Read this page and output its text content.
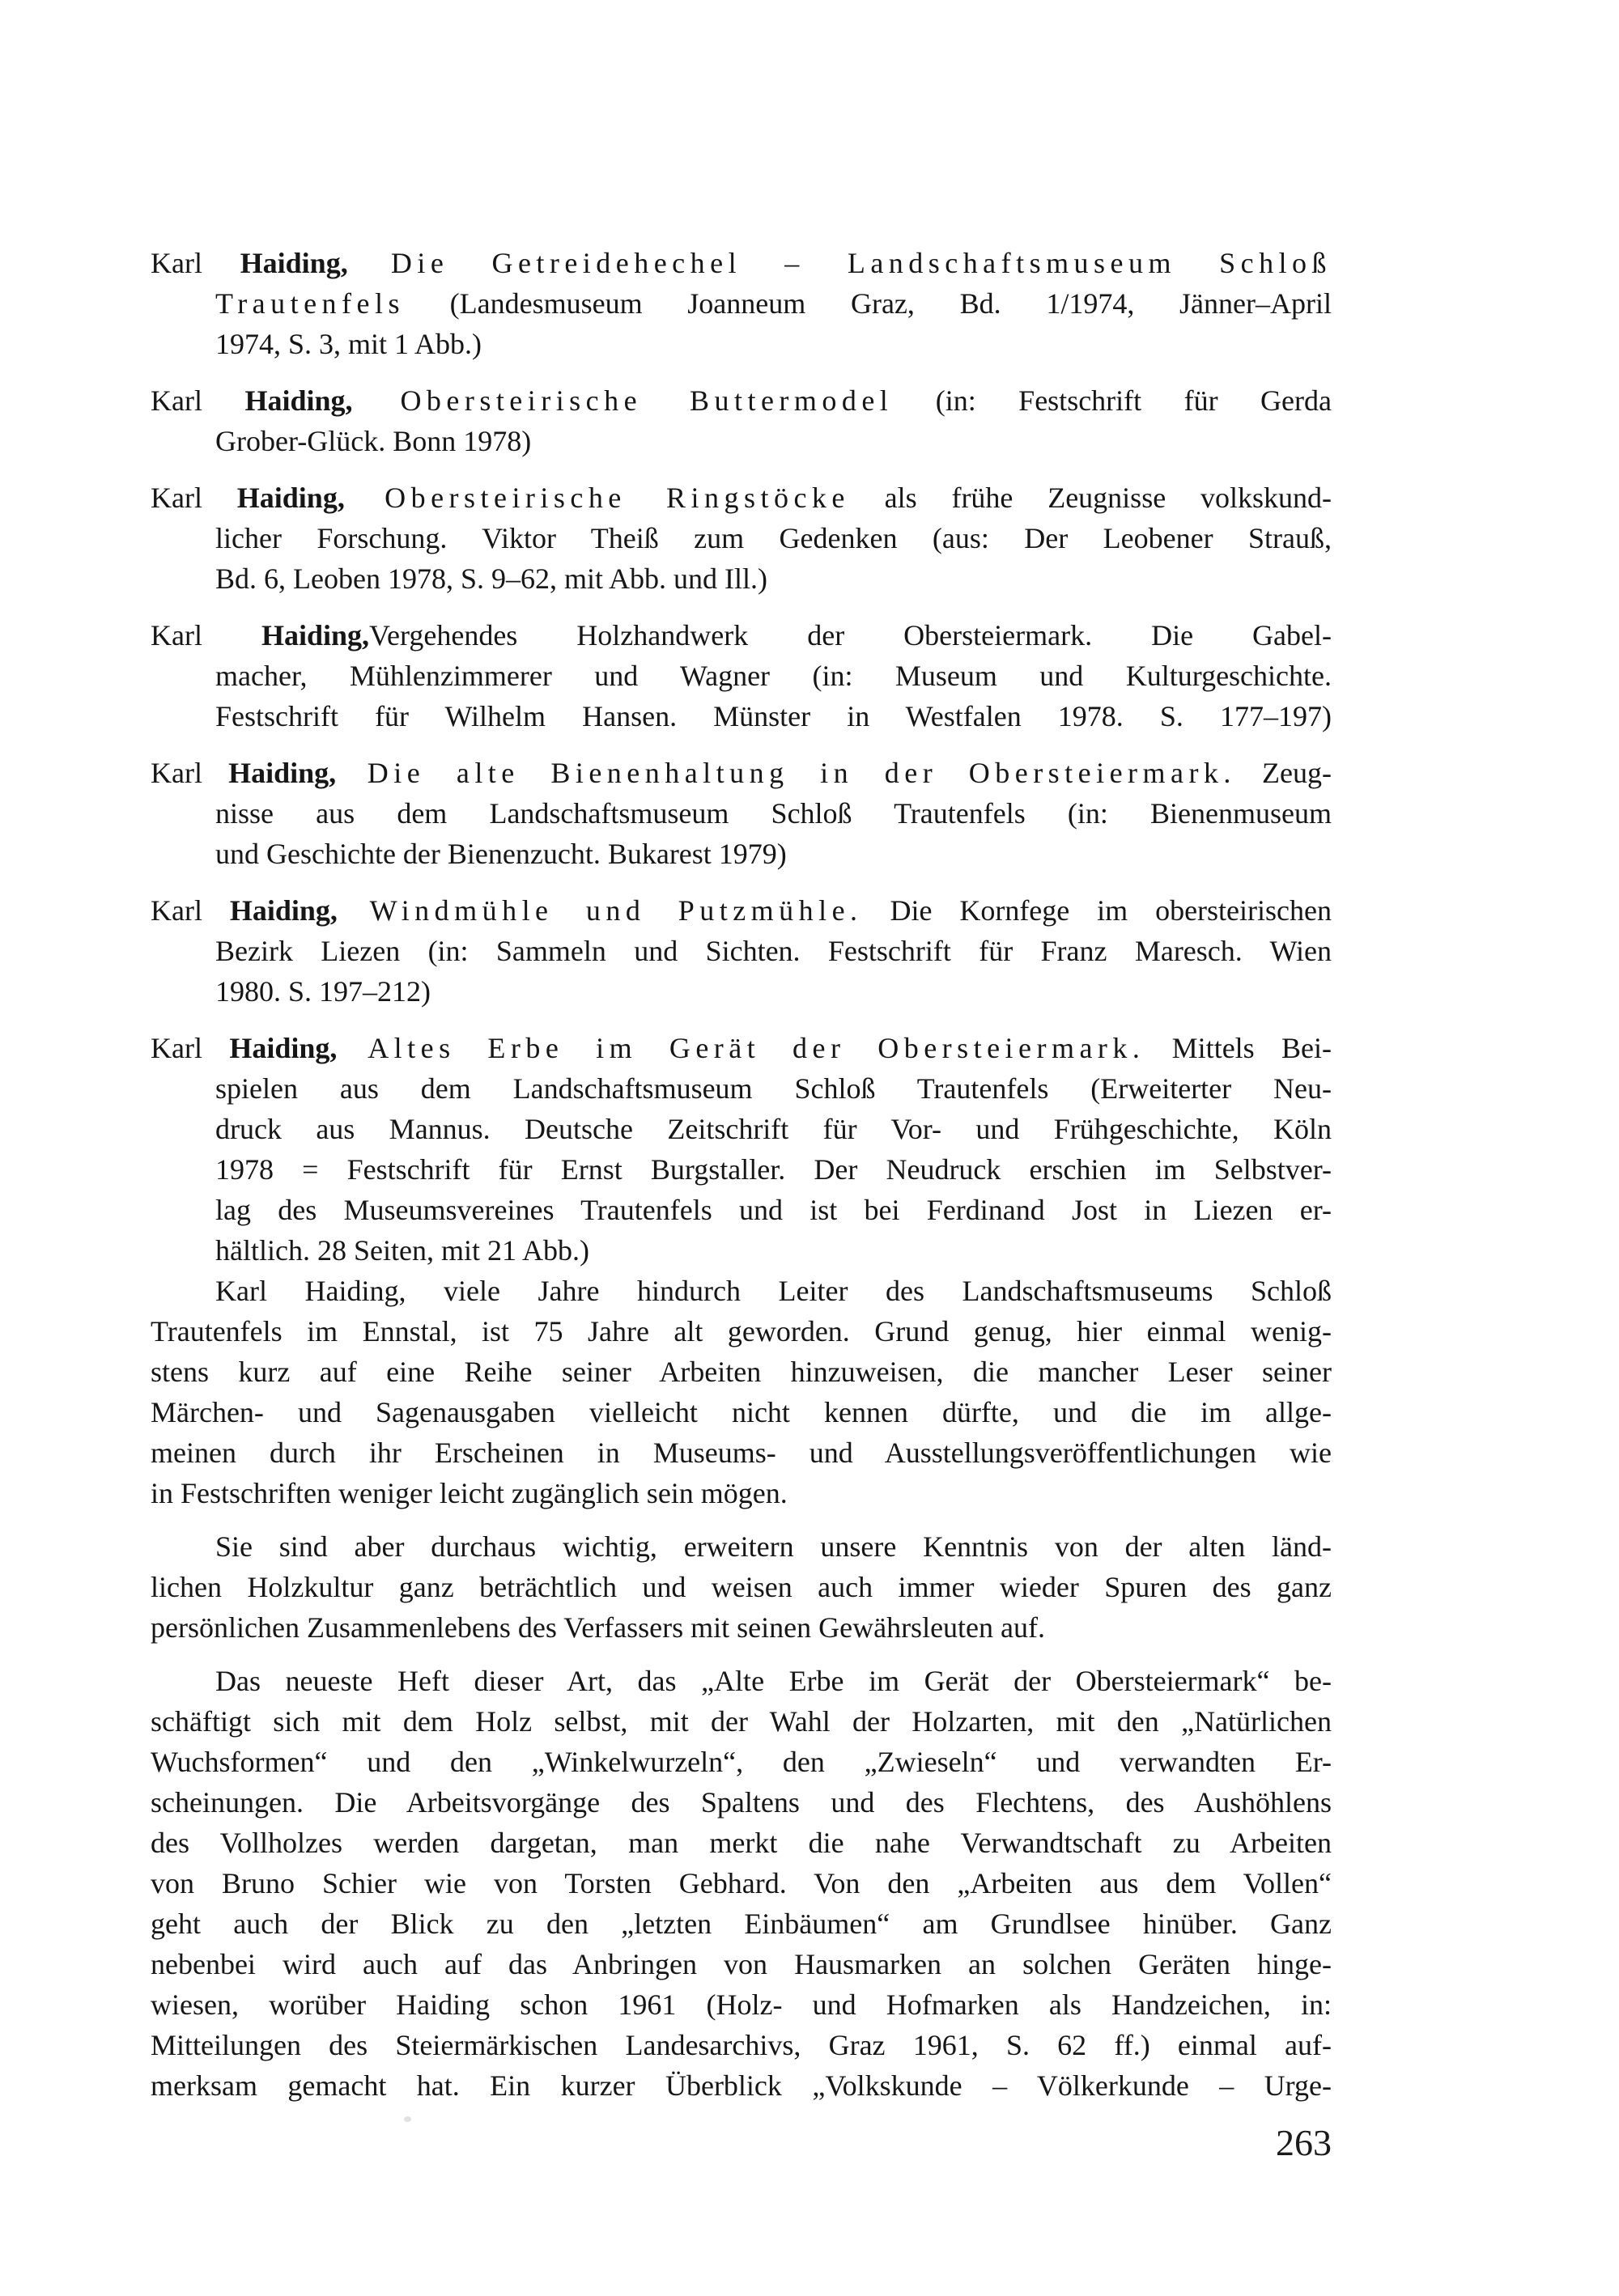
Karl Haiding, Die Getreidehechel – Landschaftsmuseum Schloß
Trautenfels (Landesmuseum Joanneum Graz, Bd. 1/1974, Jänner–April
1974, S. 3, mit 1 Abb.)
Karl Haiding, Obersteirische Buttermodel (in: Festschrift für Gerda
Grober-Glück. Bonn 1978)
Karl Haiding, Obersteirische Ringstöcke als frühe Zeugnisse volkskund-
licher Forschung. Viktor Theiß zum Gedenken (aus: Der Leobener Strauß,
Bd. 6, Leoben 1978, S. 9–62, mit Abb. und Ill.)
Karl Haiding,Vergehendes Holzhandwerk der Obersteiermark. Die Gabel-
macher, Mühlenzimmerer und Wagner (in: Museum und Kulturgeschichte.
Festschrift für Wilhelm Hansen. Münster in Westfalen 1978. S. 177–197)
Karl Haiding, Die alte Bienenhaltung in der Obersteiermark. Zeug-
nisse aus dem Landschaftsmuseum Schloß Trautenfels (in: Bienenmuseum
und Geschichte der Bienenzucht. Bukarest 1979)
Karl Haiding, Windmühle und Putzmühle. Die Kornfege im obersteirischen
Bezirk Liezen (in: Sammeln und Sichten. Festschrift für Franz Maresch. Wien
1980. S. 197–212)
Karl Haiding, Altes Erbe im Gerät der Obersteiermark. Mittels Bei-
spielen aus dem Landschaftsmuseum Schloß Trautenfels (Erweiterter Neu-
druck aus Mannus. Deutsche Zeitschrift für Vor- und Frühgeschichte, Köln
1978 = Festschrift für Ernst Burgstaller. Der Neudruck erschien im Selbstver-
lag des Museumsvereines Trautenfels und ist bei Ferdinand Jost in Liezen er-
hältlich. 28 Seiten, mit 21 Abb.)
Karl Haiding, viele Jahre hindurch Leiter des Landschaftsmuseums Schloß
Trautenfels im Ennstal, ist 75 Jahre alt geworden. Grund genug, hier einmal wenig-
stens kurz auf eine Reihe seiner Arbeiten hinzuweisen, die mancher Leser seiner
Märchen- und Sagenausgaben vielleicht nicht kennen dürfte, und die im allge-
meinen durch ihr Erscheinen in Museums- und Ausstellungsveröffentlichungen wie
in Festschriften weniger leicht zugänglich sein mögen.
Sie sind aber durchaus wichtig, erweitern unsere Kenntnis von der alten länd-
lichen Holzkultur ganz beträchtlich und weisen auch immer wieder Spuren des ganz
persönlichen Zusammenlebens des Verfassers mit seinen Gewährsleuten auf.
Das neueste Heft dieser Art, das „Alte Erbe im Gerät der Obersteiermark“ be-
schäftigt sich mit dem Holz selbst, mit der Wahl der Holzarten, mit den „Natürlichen
Wuchsformen“ und den „Winkelwurzeln“, den „Zwieseln“ und verwandten Er-
scheinungen. Die Arbeitsvorgänge des Spaltens und des Flechtens, des Aushöhlens
des Vollholzes werden dargetan, man merkt die nahe Verwandtschaft zu Arbeiten
von Bruno Schier wie von Torsten Gebhard. Von den „Arbeiten aus dem Vollen“
geht auch der Blick zu den „letzten Einbäumen“ am Grundlsee hinüber. Ganz
nebenbei wird auch auf das Anbringen von Hausmarken an solchen Geräten hinge-
wiesen, worüber Haiding schon 1961 (Holz- und Hofmarken als Handzeichen, in:
Mitteilungen des Steiermärkischen Landesarchivs, Graz 1961, S. 62 ff.) einmal auf-
merksam gemacht hat. Ein kurzer Überblick „Volkskunde – Völkerkunde – Urge-
263
